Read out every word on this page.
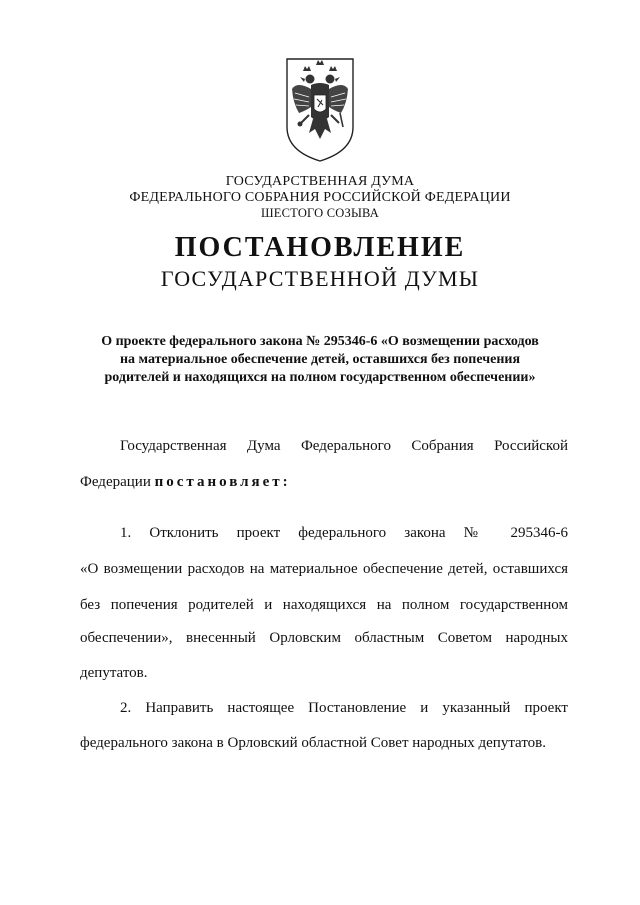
ГОСУДАРСТВЕННАЯ ДУМА
ФЕДЕРАЛЬНОГО СОБРАНИЯ РОССИЙСКОЙ ФЕДЕРАЦИИ
ШЕСТОГО СОЗЫВА
ПОСТАНОВЛЕНИЕ
ГОСУДАРСТВЕННОЙ ДУМЫ
О проекте федерального закона № 295346-6 «О возмещении расходов
на материальное обеспечение детей, оставшихся без попечения
родителей и находящихся на полном государственном обеспечении»
Государственная Дума Федерального Собрания Российской
Федерации постановляет:
1. Отклонить проект федерального закона № 295346-6
«О возмещении расходов на материальное обеспечение детей, оставшихся
без попечения родителей и находящихся на полном государственном
обеспечении», внесенный Орловским областным Советом народных
депутатов.
2. Направить настоящее Постановление и указанный проект
федерального закона в Орловский областной Совет народных депутатов.
